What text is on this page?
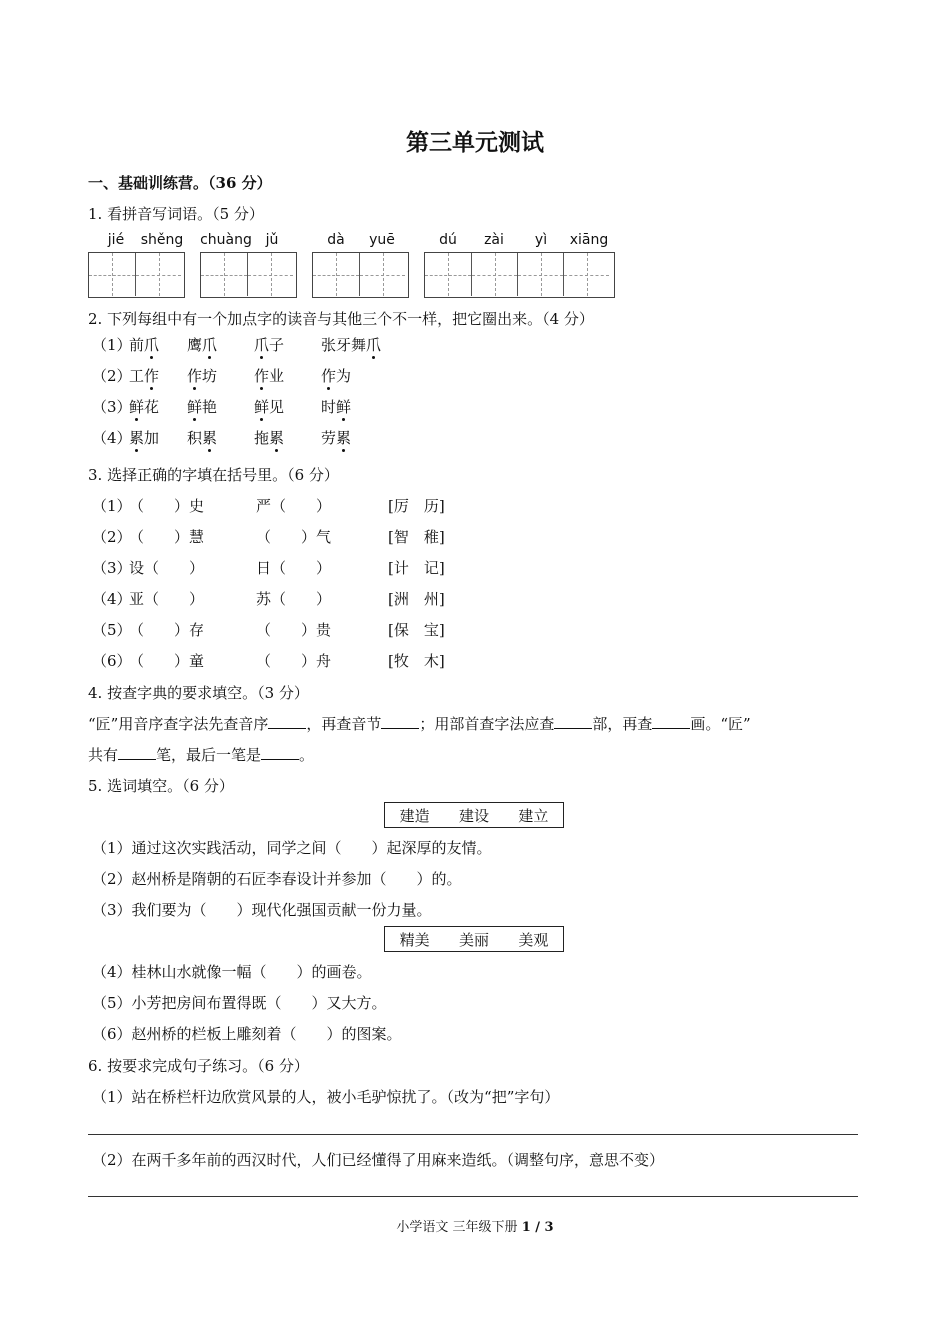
第三单元测试
一、基础训练营。（36 分）
1. 看拼音写词语。（5 分）
jié	shěng chuàng jǔ	dà	yuē	dú	zài	yì	xiāng
2. 下列每组中有一个加点字的读音与其他三个不一样，把它圈出来。（4 分）
（1）
前爪 鹰爪 爪子 张牙舞爪
（2）
工作 作坊 作业 作为
（3）
鲜花 鲜艳 鲜见 时鲜
（4）
累加 积累 拖累 劳累
3. 选择正确的字填在括号里。（6 分）
（1）
（　　）史	严（　　）	[厉　历]
（2）
（　　）慧	（　　）气	[智　稚]
（3）
设（　　）	日（　　）	[计　记]
（4）
亚（　　）	苏（　　）	[洲　州]
（5）
（　　）存	（　　）贵	[保　宝]
（6）
（　　）童	（　　）舟	[牧　木]
4. 按查字典的要求填空。（3 分）
“匠”用音序查字法先查音序	，再查音节	；用部首查字法应查	部，再查	画。“匠”
共有	笔，最后一笔是	。
5. 选词填空。（6 分）
建造 建设 建立
（1）通过这次实践活动，同学之间（　　）起深厚的友情。
（2）赵州桥是隋朝的石匠李春设计并参加（　　）的。
（3）我们要为（　　）现代化强国贡献一份力量。
精美 美丽 美观
（4）桂林山水就像一幅（　　）的画卷。
（5）小芳把房间布置得既（　　）又大方。
（6）赵州桥的栏板上雕刻着（　　）的图案。
6. 按要求完成句子练习。（6 分）
（1）站在桥栏杆边欣赏风景的人，被小毛驴惊扰了。（改为“把”字句）
（2）在两千多年前的西汉时代，人们已经懂得了用麻来造纸。（调整句序，意思不变）
小学语文 三年级下册 1 / 3
